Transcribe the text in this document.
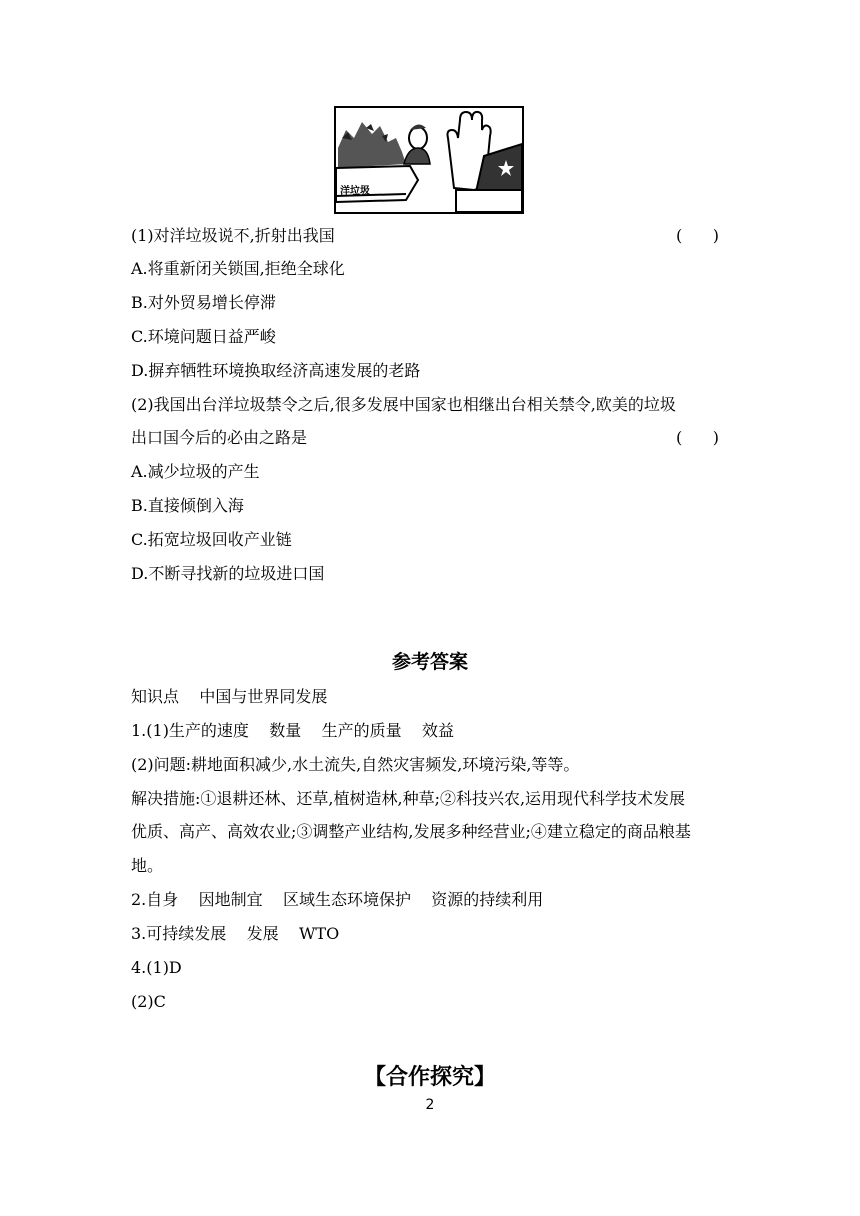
洋垃圾
(1)对洋垃圾说不,折射出我国	(      )
A.将重新闭关锁国,拒绝全球化
B.对外贸易增长停滞
C.环境问题日益严峻
D.摒弃牺牲环境换取经济高速发展的老路
(2)我国出台洋垃圾禁令之后,很多发展中国家也相继出台相关禁令,欧美的垃圾
出口国今后的必由之路是	(      )
A.减少垃圾的产生
B.直接倾倒入海
C.拓宽垃圾回收产业链
D.不断寻找新的垃圾进口国
参考答案
知识点    中国与世界同发展
1.(1)生产的速度    数量    生产的质量    效益
(2)问题:耕地面积减少,水土流失,自然灾害频发,环境污染,等等。
解决措施:①退耕还林、还草,植树造林,种草;②科技兴农,运用现代科学技术发展
优质、高产、高效农业;③调整产业结构,发展多种经营业;④建立稳定的商品粮基
地。
2.自身    因地制宜    区域生态环境保护    资源的持续利用
3.可持续发展    发展    WTO
4.(1)D
(2)C
【合作探究】
2
